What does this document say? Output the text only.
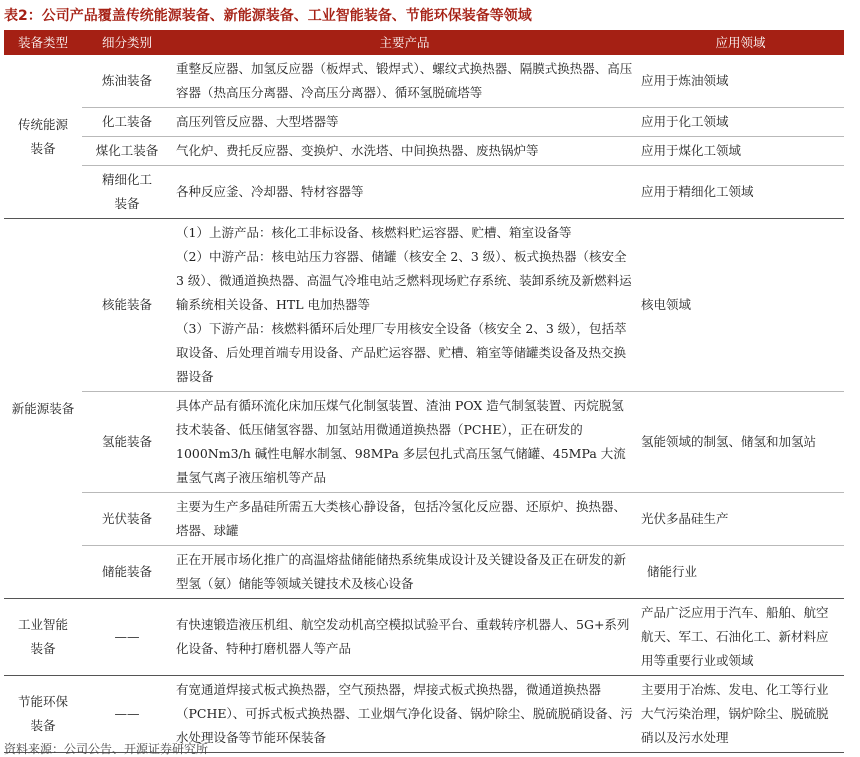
表2：公司产品覆盖传统能源装备、新能源装备、工业智能装备、节能环保装备等领域
装备类型	细分类别	主要产品	应用领域
传统能源装备	炼油装备	重整反应器、加氢反应器（板焊式、锻焊式）、螺纹式换热器、隔膜式换热器、高压容器（热高压分离器、冷高压分离器）、循环氢脱硫塔等	应用于炼油领域
	化工装备	高压列管反应器、大型塔器等	应用于化工领域
	煤化工装备	气化炉、费托反应器、变换炉、水洗塔、中间换热器、废热锅炉等	应用于煤化工领域
	精细化工装备	各种反应釜、冷却器、特材容器等	应用于精细化工领域
新能源装备	核能装备	（1）上游产品：核化工非标设备、核燃料贮运容器、贮槽、箱室设备等
（2）中游产品：核电站压力容器、储罐（核安全 2、3 级）、板式换热器（核安全 3 级）、微通道换热器、高温气冷堆电站乏燃料现场贮存系统、装卸系统及新燃料运输系统相关设备、HTL 电加热器等
（3）下游产品：核燃料循环后处理厂专用核安全设备（核安全 2、3 级），包括萃取设备、后处理首端专用设备、产品贮运容器、贮槽、箱室等储罐类设备及热交换器设备	核电领域
	氢能装备	具体产品有循环流化床加压煤气化制氢装置、渣油 POX 造气制氢装置、丙烷脱氢技术装备、低压储氢容器、加氢站用微通道换热器（PCHE），正在研发的 1000Nm3/h 碱性电解水制氢、98MPa 多层包扎式高压氢气储罐、45MPa 大流量氢气离子液压缩机等产品	氢能领域的制氢、储氢和加氢站
	光伏装备	主要为生产多晶硅所需五大类核心静设备，包括冷氢化反应器、还原炉、换热器、塔器、球罐	光伏多晶硅生产
	储能装备	正在开展市场化推广的高温熔盐储能储热系统集成设计及关键设备及正在研发的新型氢（氨）储能等领域关键技术及核心设备	储能行业
工业智能装备	——	有快速锻造液压机组、航空发动机高空模拟试验平台、重载转序机器人、5G+系列化设备、特种打磨机器人等产品	产品广泛应用于汽车、船舶、航空航天、军工、石油化工、新材料应用等重要行业或领域
节能环保装备	——	有宽通道焊接式板式换热器，空气预热器，焊接式板式换热器，微通道换热器（PCHE）、可拆式板式换热器、工业烟气净化设备、锅炉除尘、脱硫脱硝设备、污水处理设备等节能环保装备	主要用于冶炼、发电、化工等行业大气污染治理，锅炉除尘、脱硫脱硝以及污水处理
资料来源：公司公告、开源证券研究所
